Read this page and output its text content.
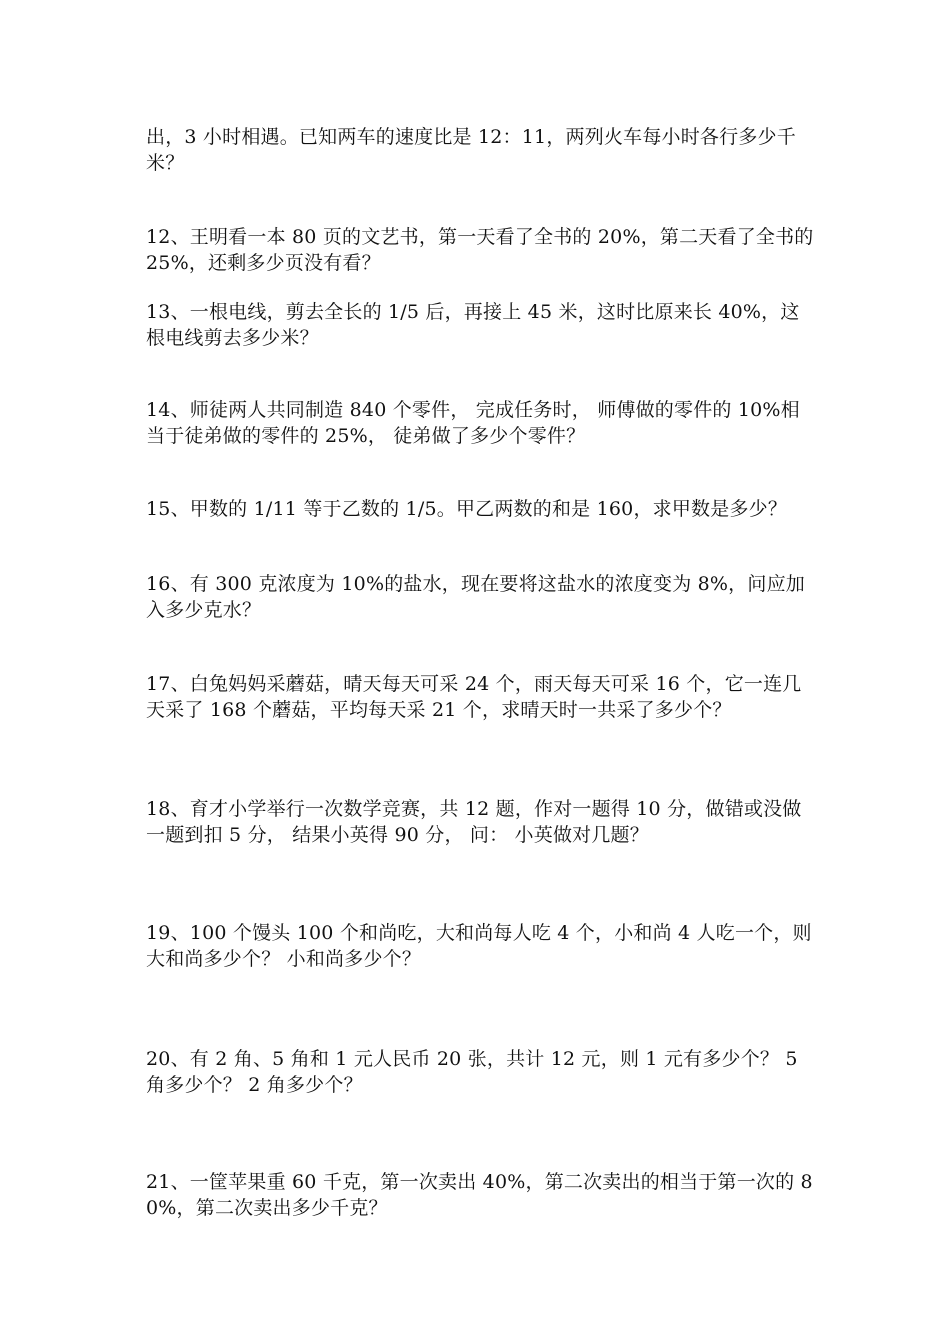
出，3 小时相遇。已知两车的速度比是 12：11，两列火车每小时各行多少千米？

12、王明看一本 80 页的文艺书，第一天看了全书的 20%，第二天看了全书的 25%，还剩多少页没有看？

13、一根电线，剪去全长的 1/5 后，再接上 45 米，这时比原来长 40%，这根电线剪去多少米？

14、师徒两人共同制造 840 个零件， 完成任务时， 师傅做的零件的 10%相当于徒弟做的零件的 25%， 徒弟做了多少个零件？

15、甲数的 1/11 等于乙数的 1/5。甲乙两数的和是 160，求甲数是多少？

16、有 300 克浓度为 10%的盐水，现在要将这盐水的浓度变为 8%，问应加入多少克水？

17、白兔妈妈采蘑菇，晴天每天可采 24 个，雨天每天可采 16 个，它一连几天采了 168 个蘑菇，平均每天采 21 个，求晴天时一共采了多少个？

18、育才小学举行一次数学竞赛，共 12 题，作对一题得 10 分，做错或没做一题到扣 5 分， 结果小英得 90 分， 问： 小英做对几题？

19、100 个馒头 100 个和尚吃，大和尚每人吃 4 个，小和尚 4 人吃一个，则大和尚多少个？ 小和尚多少个？

20、有 2 角、5 角和 1 元人民币 20 张，共计 12 元，则 1 元有多少个？ 5 角多少个？ 2 角多少个？

21、一筐苹果重 60 千克，第一次卖出 40%，第二次卖出的相当于第一次的 80%，第二次卖出多少千克？
